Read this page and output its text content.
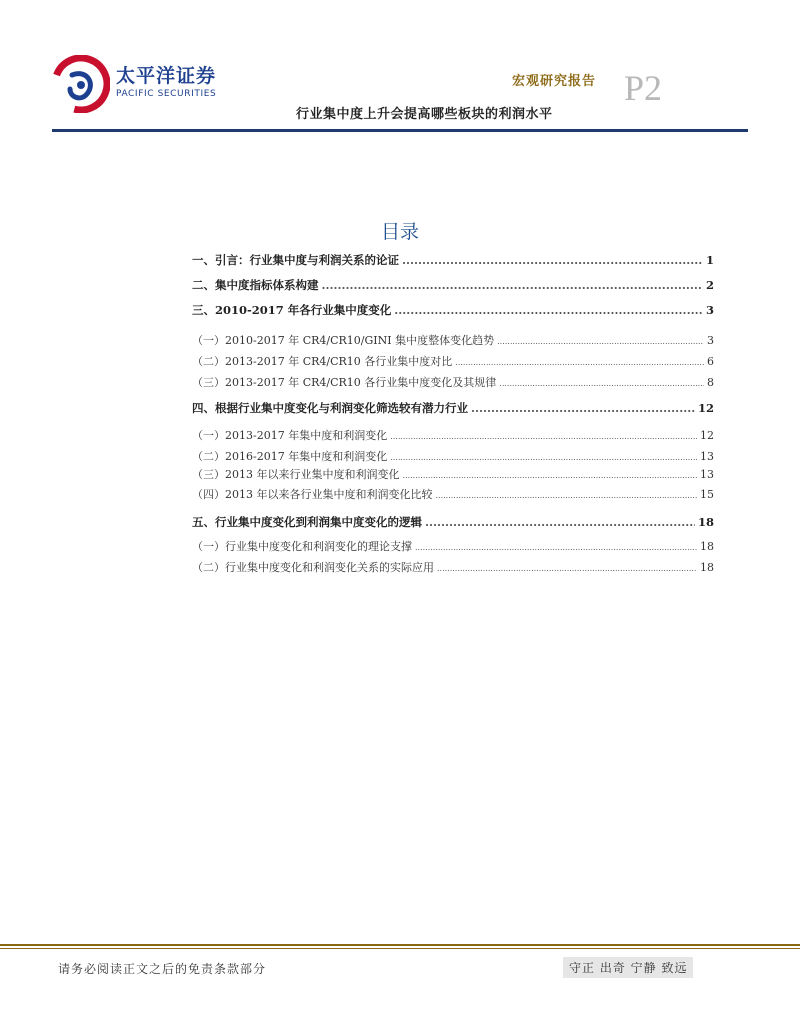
太平洋证券
PACIFIC SECURITIES
宏观研究报告 P2
行业集中度上升会提高哪些板块的利润水平
目录
一、引言：行业集中度与利润关系的论证 .....	1
二、集中度指标体系构建 .....	2
三、2010-2017 年各行业集中度变化 .....	3
（一）2010-2017 年 CR4/CR10/GINI 集中度整体变化趋势 .....	3
（二）2013-2017 年 CR4/CR10 各行业集中度对比 .....	6
（三）2013-2017 年 CR4/CR10 各行业集中度变化及其规律 .....	8
四、根据行业集中度变化与利润变化筛选较有潜力行业 .....	12
（一）2013-2017 年集中度和利润变化 .....	12
（二）2016-2017 年集中度和利润变化 .....	13
（三）2013 年以来行业集中度和利润变化 .....	13
（四）2013 年以来各行业集中度和利润变化比较 .....	15
五、行业集中度变化到利润集中度变化的逻辑 .....	18
（一）行业集中度变化和利润变化的理论支撑 .....	18
（二）行业集中度变化和利润变化关系的实际应用 .....	18
请务必阅读正文之后的免责条款部分	守正 出奇 宁静 致远
